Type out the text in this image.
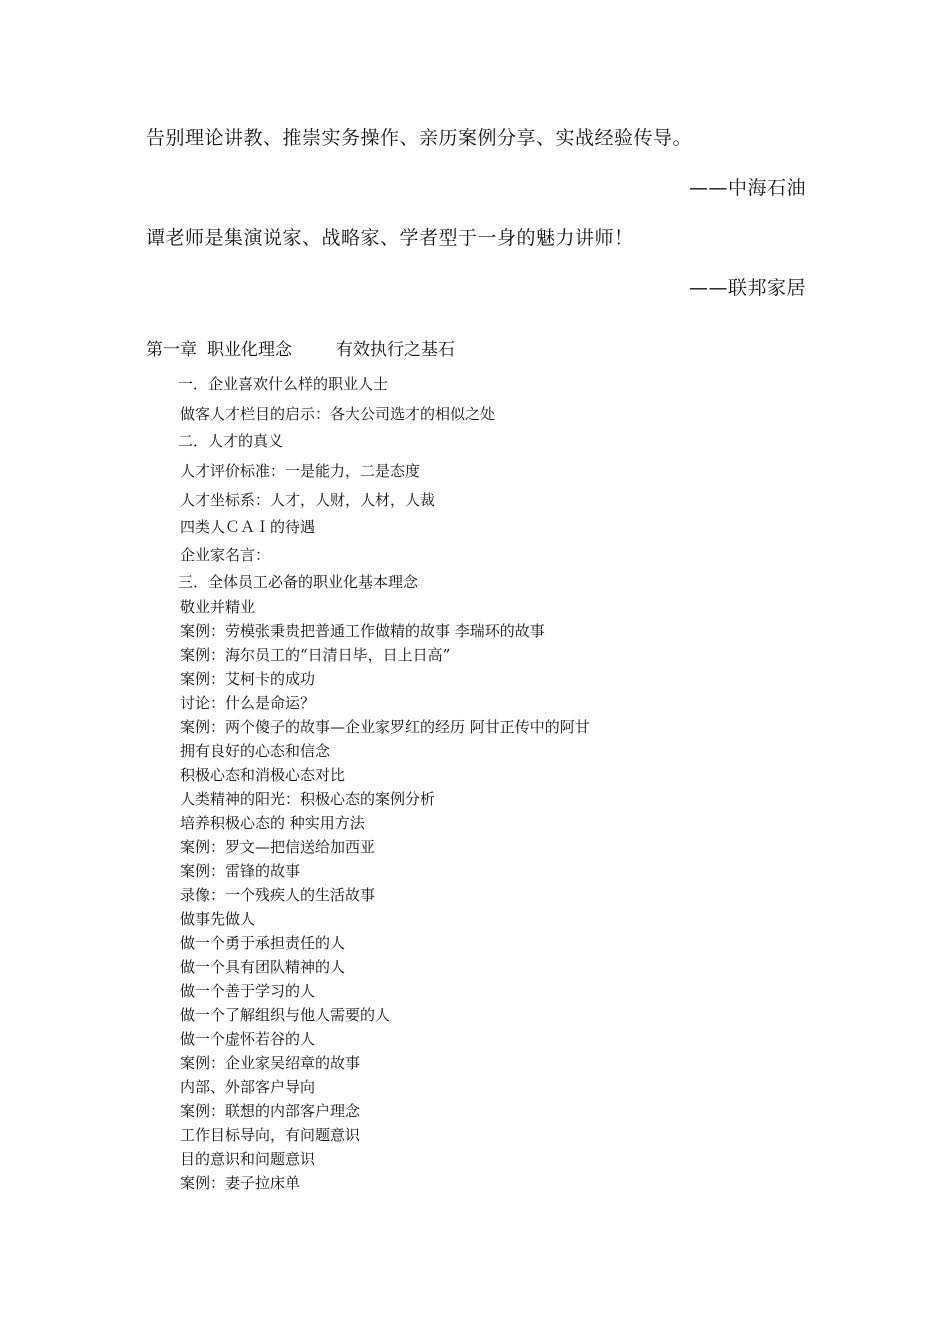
告别理论讲教、推崇实务操作、亲历案例分享、实战经验传导。
——中海石油
谭老师是集演说家、战略家、学者型于一身的魅力讲师！
——联邦家居
第一章 职业化理念	有效执行之基石
一．企业喜欢什么样的职业人士
做客人才栏目的启示：各大公司选才的相似之处
二．人才的真义
人才评价标准：一是能力，二是态度
人才坐标系：人才，人财，人材，人裁
四类人ＣＡＩ的待遇
企业家名言：
三．全体员工必备的职业化基本理念
敬业并精业
案例：劳模张秉贵把普通工作做精的故事 李瑞环的故事
案例：海尔员工的“日清日毕，日上日高”
案例：艾柯卡的成功
讨论：什么是命运？
案例：两个傻子的故事—企业家罗红的经历 阿甘正传中的阿甘
拥有良好的心态和信念
积极心态和消极心态对比
人类精神的阳光：积极心态的案例分析
培养积极心态的 种实用方法
案例：罗文—把信送给加西亚
案例：雷锋的故事
录像：一个残疾人的生活故事
做事先做人
做一个勇于承担责任的人
做一个具有团队精神的人
做一个善于学习的人
做一个了解组织与他人需要的人
做一个虚怀若谷的人
案例：企业家吴绍章的故事
内部、外部客户导向
案例：联想的内部客户理念
工作目标导向，有问题意识
目的意识和问题意识
案例：妻子拉床单
